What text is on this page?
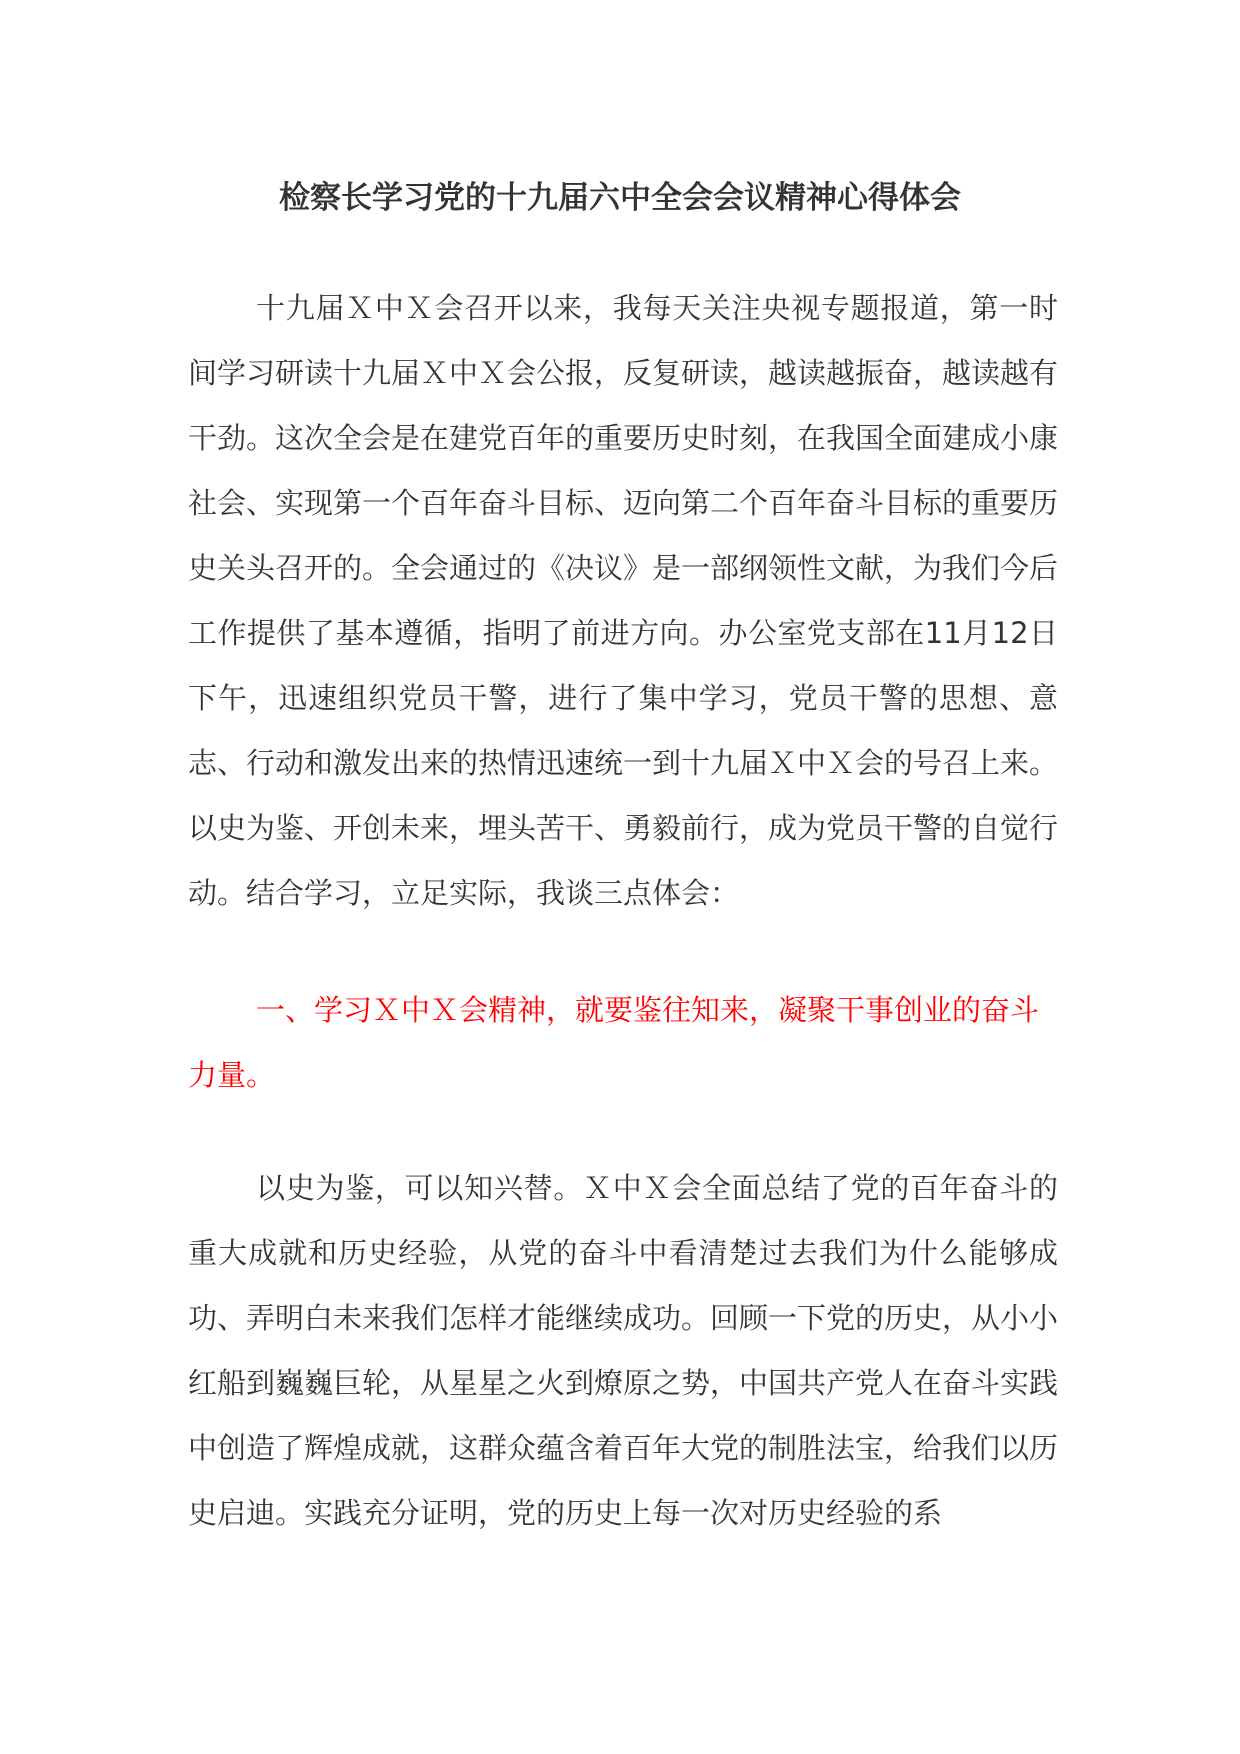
检察长学习党的十九届六中全会会议精神心得体会

十九届Ｘ中Ｘ会召开以来，我每天关注央视专题报道，第一时间学习研读十九届Ｘ中Ｘ会公报，反复研读，越读越振奋，越读越有干劲。这次全会是在建党百年的重要历史时刻，在我国全面建成小康社会、实现第一个百年奋斗目标、迈向第二个百年奋斗目标的重要历史关头召开的。全会通过的《决议》是一部纲领性文献，为我们今后工作提供了基本遵循，指明了前进方向。办公室党支部在11月12日下午，迅速组织党员干警，进行了集中学习，党员干警的思想、意志、行动和激发出来的热情迅速统一到十九届Ｘ中Ｘ会的号召上来。以史为鉴、开创未来，埋头苦干、勇毅前行，成为党员干警的自觉行动。结合学习，立足实际，我谈三点体会：

一、学习Ｘ中Ｘ会精神，就要鉴往知来，凝聚干事创业的奋斗力量。

以史为鉴，可以知兴替。Ｘ中Ｘ会全面总结了党的百年奋斗的重大成就和历史经验，从党的奋斗中看清楚过去我们为什么能够成功、弄明白未来我们怎样才能继续成功。回顾一下党的历史，从小小红船到巍巍巨轮，从星星之火到燎原之势，中国共产党人在奋斗实践中创造了辉煌成就，这群众蕴含着百年大党的制胜法宝，给我们以历史启迪。实践充分证明，党的历史上每一次对历史经验的系
